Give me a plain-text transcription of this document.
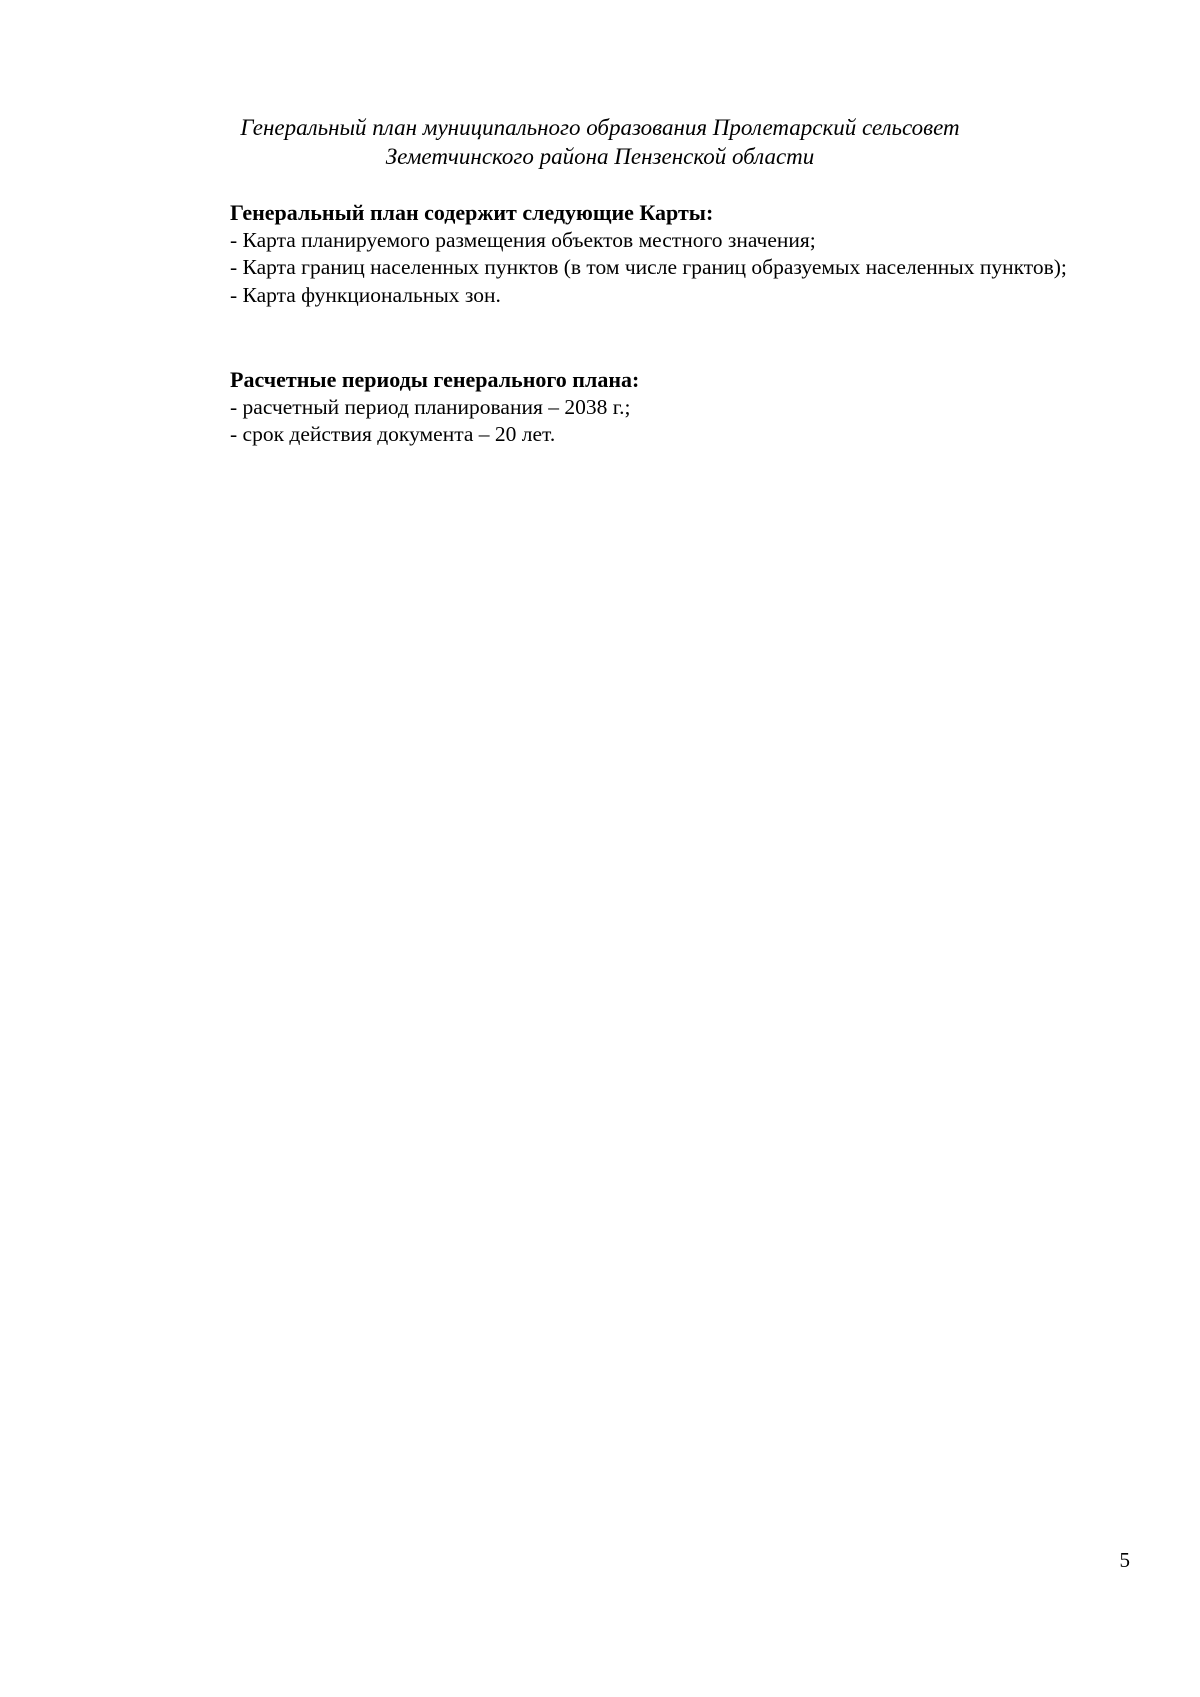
Генеральный план муниципального образования Пролетарский сельсовет
Земетчинского района Пензенской области
Генеральный план содержит следующие Карты:
- Карта планируемого размещения объектов местного значения;
- Карта границ населенных пунктов (в том числе границ образуемых населенных пунктов);
- Карта функциональных зон.
Расчетные периоды генерального плана:
- расчетный период планирования – 2038 г.;
- срок действия документа – 20 лет.
5
